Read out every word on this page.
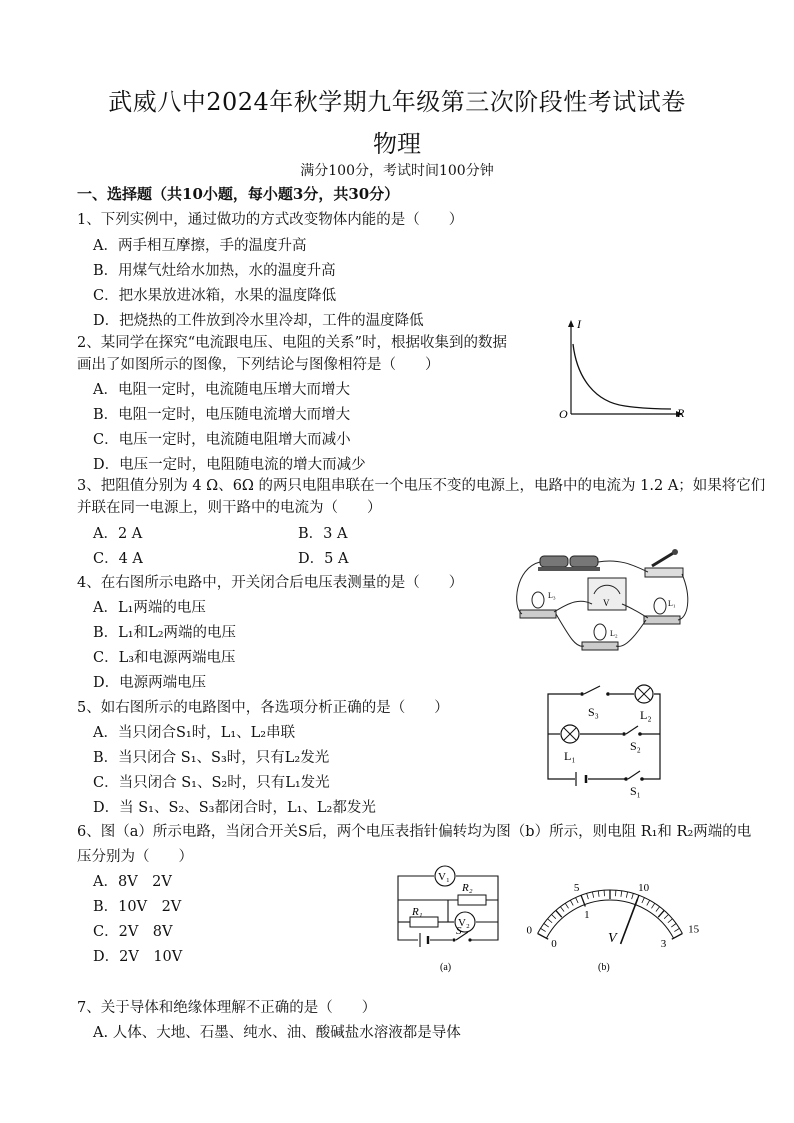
武威八中2024年秋学期九年级第三次阶段性考试试卷
物理
满分100分，考试时间100分钟
一、选择题（共10小题，每小题3分，共30分）
1、下列实例中，通过做功的方式改变物体内能的是（　　）
A．两手相互摩擦，手的温度升高
B．用煤气灶给水加热，水的温度升高
C．把水果放进冰箱，水果的温度降低
D．把烧热的工件放到冷水里冷却，工件的温度降低
2、某同学在探究“电流跟电压、电阻的关系”时，根据收集到的数据
画出了如图所示的图像，下列结论与图像相符是（　　）
A．电阻一定时，电流随电压增大而增大
B．电阻一定时，电压随电流增大而增大
C．电压一定时，电流随电阻增大而减小
D．电压一定时，电阻随电流的增大而减少
I
R
O
3、把阻值分别为 4 Ω、6Ω 的两只电阻串联在一个电压不变的电源上，电路中的电流为 1.2 A；如果将它们
并联在同一电源上，则干路中的电流为（　　）
A．2 A	B．3 A
C．4 A	D．5 A
4、在右图所示电路中，开关闭合后电压表测量的是（　　）
A．L₁两端的电压
B．L₁和L₂两端的电压
C．L₃和电源两端电压
D．电源两端电压
V
L₃
L₁
L₂
5、如右图所示的电路图中，各选项分析正确的是（　　）
A．当只闭合S₁时，L₁、L₂串联
B．当只闭合 S₁、S₃时，只有L₂发光
C．当只闭合 S₁、S₂时，只有L₁发光
D．当 S₁、S₂、S₃都闭合时，L₁、L₂都发光
S₃	L₂
L₁
S₂
S₁
6、图（a）所示电路，当闭合开关S后，两个电压表指针偏转均为图（b）所示，则电阻 R₁和 R₂两端的电
压分别为（　　）
A．8V　2V
B．10V　2V
C．2V　8V
D．2V　10V
V₁
R₂
R₁
V₂
S
(a)
0
5	10
15
0
1
3
V
(b)
7、关于导体和绝缘体理解不正确的是（　　）
A. 人体、大地、石墨、纯水、油、酸碱盐水溶液都是导体
